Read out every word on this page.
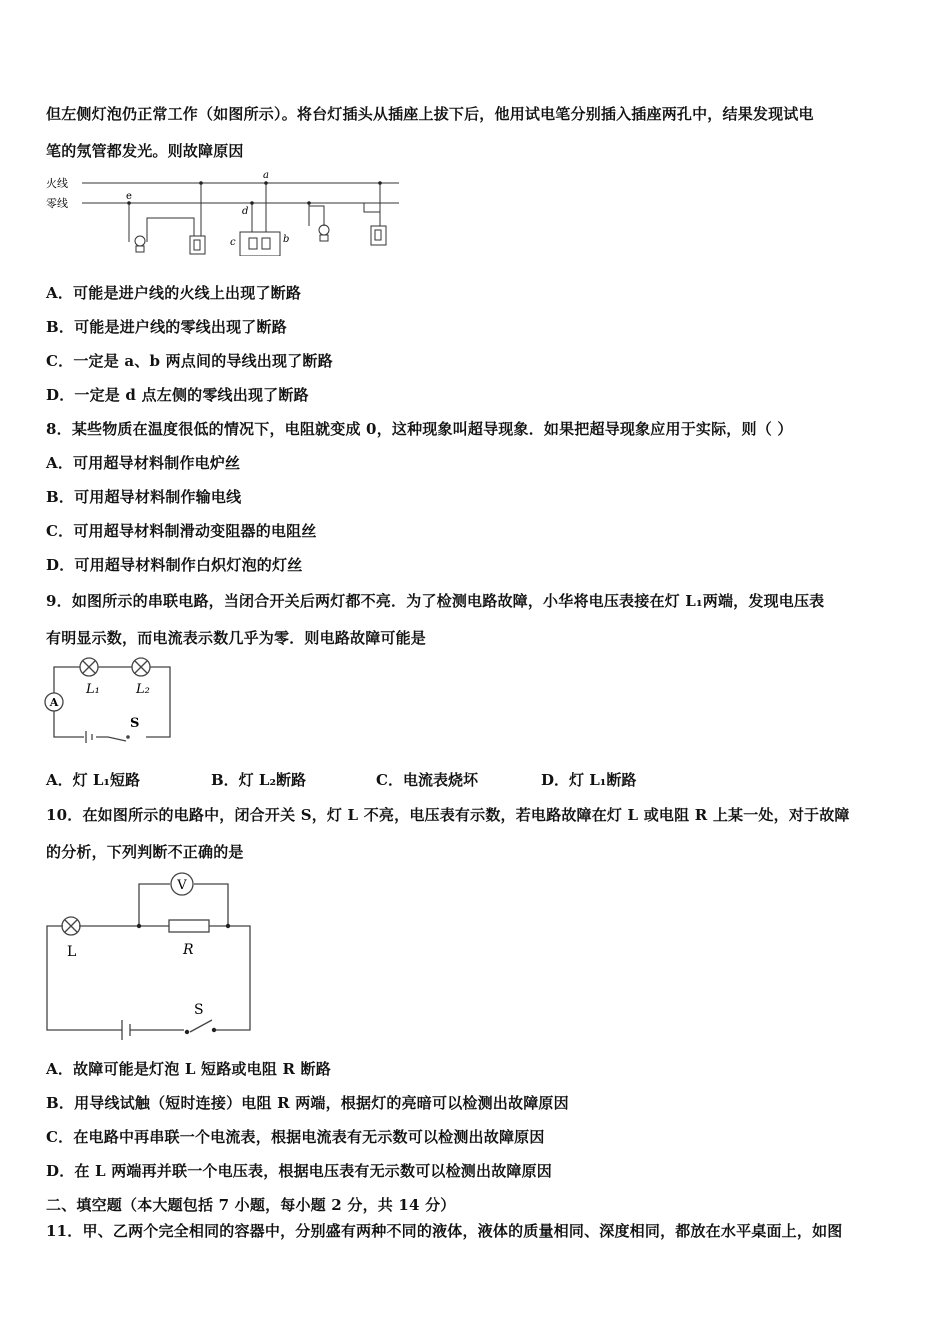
但左侧灯泡仍正常工作（如图所示）。将台灯插头从插座上拔下后，他用试电笔分别插入插座两孔中，结果发现试电
笔的氖管都发光。则故障原因
火线
零线
e
a
d
c	b
A．可能是进户线的火线上出现了断路
B．可能是进户线的零线出现了断路
C．一定是 a、b 两点间的导线出现了断路
D．一定是 d 点左侧的零线出现了断路
8．某些物质在温度很低的情况下，电阻就变成 0，这种现象叫超导现象．如果把超导现象应用于实际，则（ ）
A．可用超导材料制作电炉丝
B．可用超导材料制作输电线
C．可用超导材料制滑动变阻器的电阻丝
D．可用超导材料制作白炽灯泡的灯丝
9．如图所示的串联电路，当闭合开关后两灯都不亮．为了检测电路故障，小华将电压表接在灯 L₁两端，发现电压表
有明显示数，而电流表示数几乎为零．则电路故障可能是
A
L₁	L₂
S
A．灯 L₁短路	B．灯 L₂断路	C．电流表烧坏	D．灯 L₁断路
10．在如图所示的电路中，闭合开关 S，灯 L 不亮，电压表有示数，若电路故障在灯 L 或电阻 R 上某一处，对于故障
的分析，下列判断不正确的是
V
L	R
S
A．故障可能是灯泡 L 短路或电阻 R 断路
B．用导线试触（短时连接）电阻 R 两端，根据灯的亮暗可以检测出故障原因
C．在电路中再串联一个电流表，根据电流表有无示数可以检测出故障原因
D．在 L 两端再并联一个电压表，根据电压表有无示数可以检测出故障原因
二、填空题（本大题包括 7 小题，每小题 2 分，共 14 分）
11．甲、乙两个完全相同的容器中，分别盛有两种不同的液体，液体的质量相同、深度相同，都放在水平桌面上，如图
